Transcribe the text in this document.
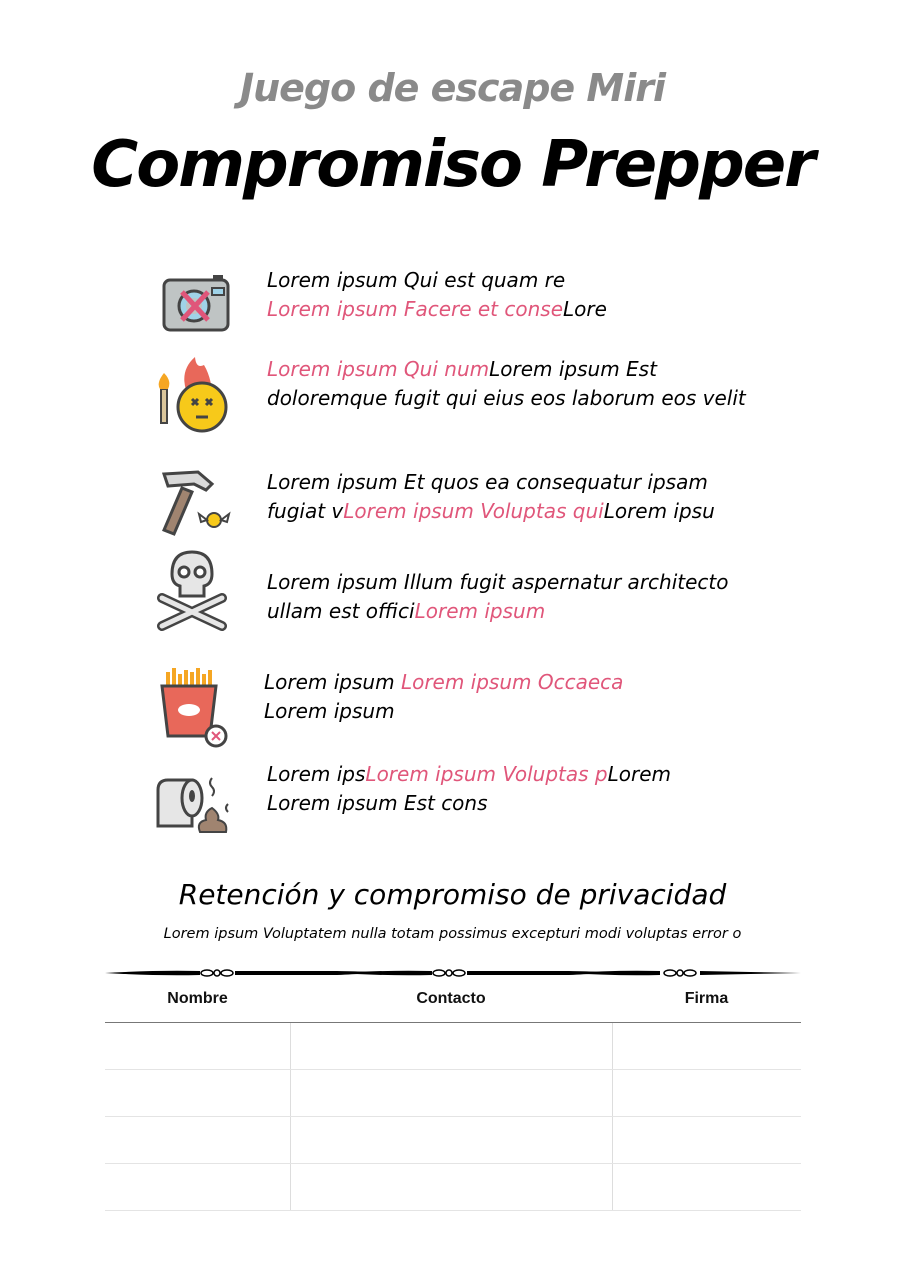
Juego de escape Miri
Compromiso Prepper
Lorem ipsum Qui est quam re
Lorem ipsum Facere et conseLore
Lorem ipsum Qui numLorem ipsum Est doloremque fugit qui eius eos laborum eos velit
Lorem ipsum Et quos ea consequatur ipsam fugiat vLorem ipsum Voluptas quiLorem ipsu
Lorem ipsum Illum fugit aspernatur architecto ullam est officiLorem ipsum
Lorem ipsum Lorem ipsum Occaeca
Lorem ipsum
Lorem ipsLorem ipsum Voluptas pLorem
Lorem ipsum Est cons
Retención y compromiso de privacidad
Lorem ipsum Voluptatem nulla totam possimus excepturi modi voluptas error o
Nombre	Contacto	Firma
